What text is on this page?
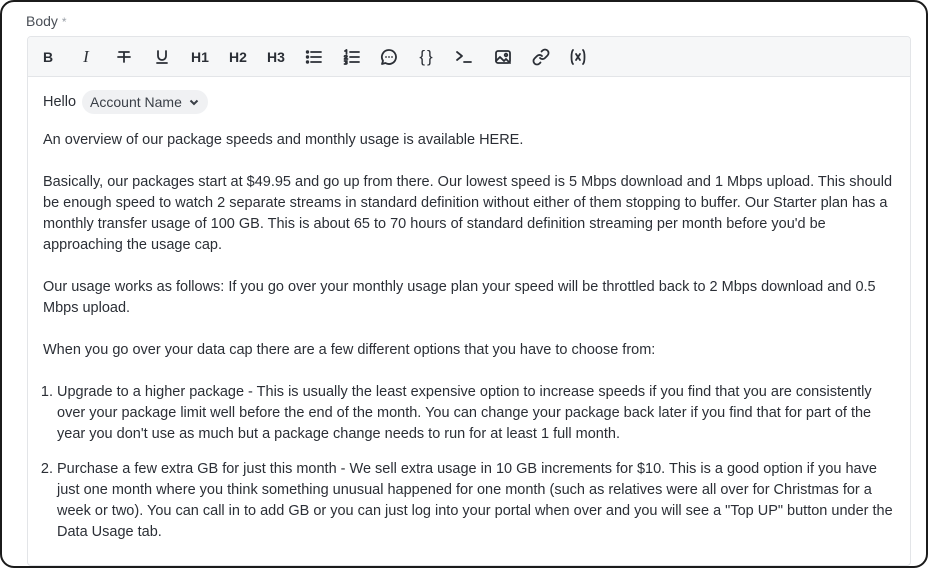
Body *
B I	H1 H2 H3	{}
Hello Account Name

An overview of our package speeds and monthly usage is available HERE.

Basically, our packages start at $49.95 and go up from there. Our lowest speed is 5 Mbps download and 1 Mbps upload. This should be enough speed to watch 2 separate streams in standard definition without either of them stopping to buffer. Our Starter plan has a monthly transfer usage of 100 GB. This is about 65 to 70 hours of standard definition streaming per month before you'd be approaching the usage cap.

Our usage works as follows: If you go over your monthly usage plan your speed will be throttled back to 2 Mbps download and 0.5 Mbps upload.

When you go over your data cap there are a few different options that you have to choose from:

1. Upgrade to a higher package - This is usually the least expensive option to increase speeds if you find that you are consistently over your package limit well before the end of the month. You can change your package back later if you find that for part of the year you don't use as much but a package change needs to run for at least 1 full month.
2. Purchase a few extra GB for just this month - We sell extra usage in 10 GB increments for $10. This is a good option if you have just one month where you think something unusual happened for one month (such as relatives were all over for Christmas for a week or two). You can call in to add GB or you can just log into your portal when over and you will see a "Top UP" button under the Data Usage tab.
